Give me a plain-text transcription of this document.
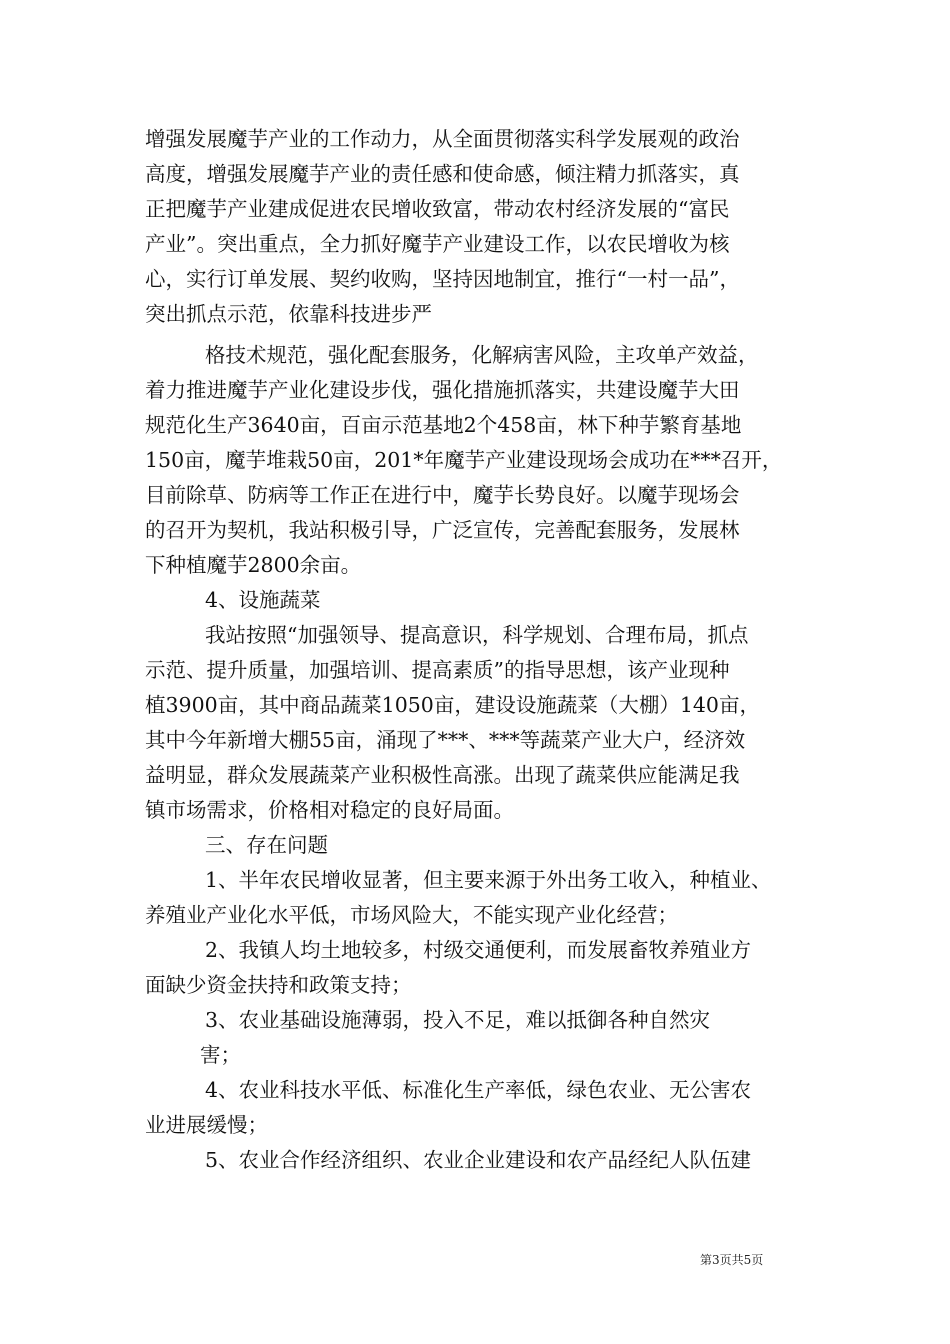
增强发展魔芋产业的工作动力，从全面贯彻落实科学发展观的政治
高度，增强发展魔芋产业的责任感和使命感，倾注精力抓落实，真
正把魔芋产业建成促进农民增收致富，带动农村经济发展的“富民
产业”。突出重点，全力抓好魔芋产业建设工作，以农民增收为核
心，实行订单发展、契约收购，坚持因地制宜，推行“一村一品”，
突出抓点示范，依靠科技进步严
格技术规范，强化配套服务，化解病害风险，主攻单产效益，
着力推进魔芋产业化建设步伐，强化措施抓落实，共建设魔芋大田
规范化生产3640亩，百亩示范基地2个458亩，林下种芋繁育基地
150亩，魔芋堆栽50亩，201*年魔芋产业建设现场会成功在***召开，
目前除草、防病等工作正在进行中，魔芋长势良好。以魔芋现场会
的召开为契机，我站积极引导，广泛宣传，完善配套服务，发展林
下种植魔芋2800余亩。
4、设施蔬菜
我站按照“加强领导、提高意识，科学规划、合理布局，抓点
示范、提升质量，加强培训、提高素质”的指导思想，该产业现种
植3900亩，其中商品蔬菜1050亩，建设设施蔬菜（大棚）140亩，
其中今年新增大棚55亩，涌现了***、***等蔬菜产业大户，经济效
益明显，群众发展蔬菜产业积极性高涨。出现了蔬菜供应能满足我
镇市场需求，价格相对稳定的良好局面。
三、存在问题
1、半年农民增收显著，但主要来源于外出务工收入，种植业、
养殖业产业化水平低，市场风险大，不能实现产业化经营；
2、我镇人均土地较多，村级交通便利，而发展畜牧养殖业方
面缺少资金扶持和政策支持；
3、农业基础设施薄弱，投入不足，难以抵御各种自然灾
害；
4、农业科技水平低、标准化生产率低，绿色农业、无公害农
业进展缓慢；
5、农业合作经济组织、农业企业建设和农产品经纪人队伍建
第3页共5页
